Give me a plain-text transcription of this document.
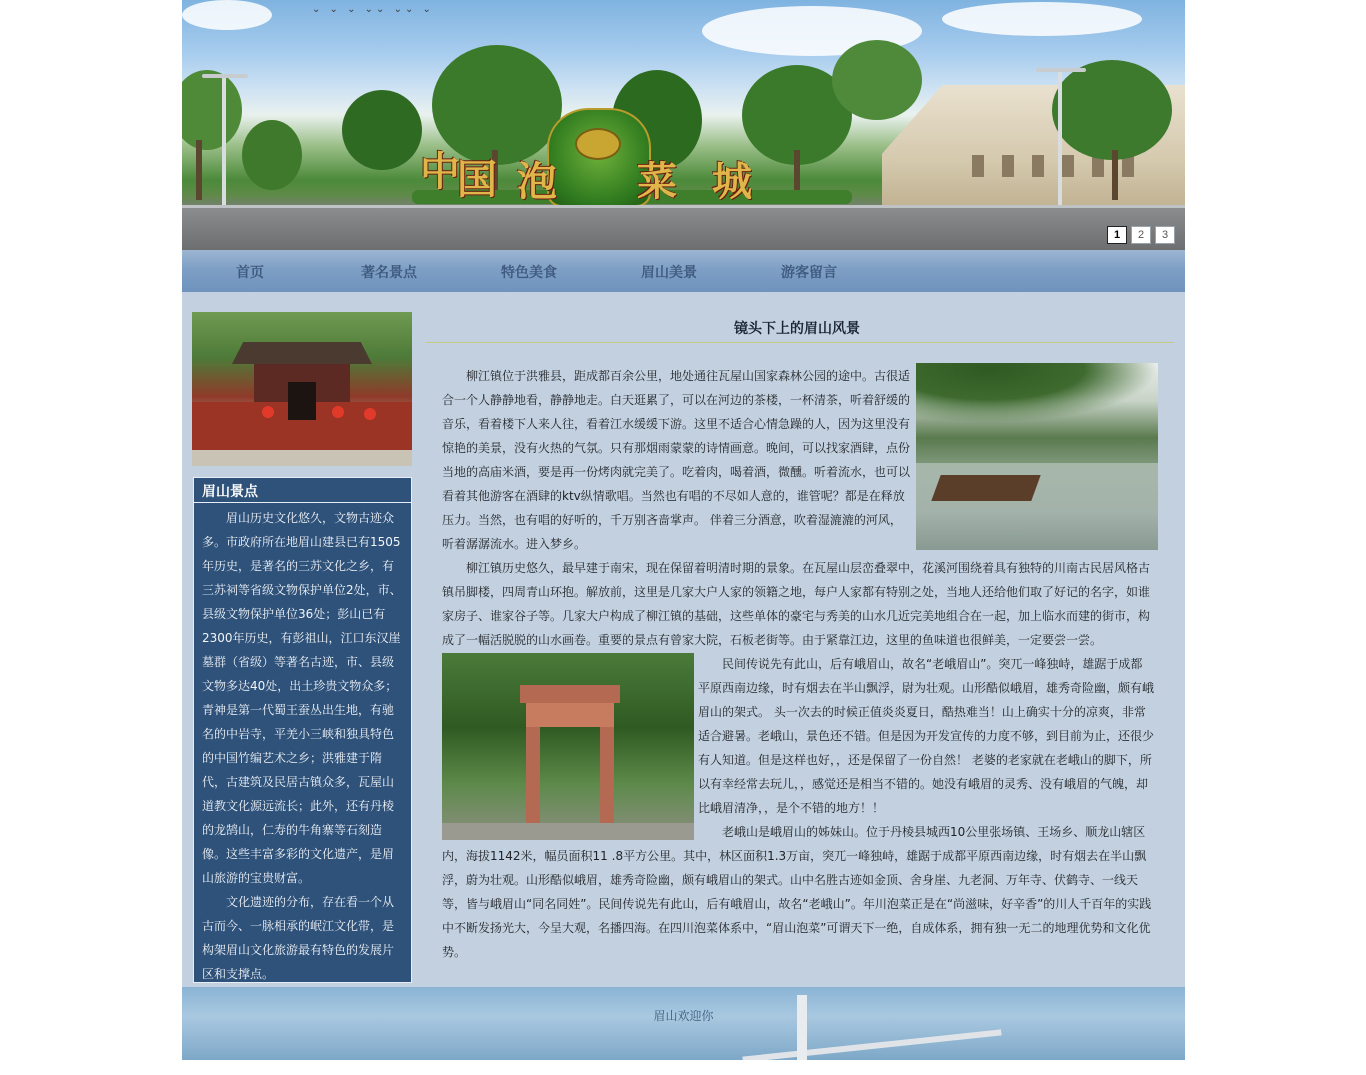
⌄ ⌄ ⌄ ⌄⌄ ⌄⌄ ⌄
中
国 泡 菜 城
1	2	3
首页	著名景点	特色美食	眉山美景	游客留言
眉山景点

眉山历史文化悠久，文物古迹众多。市政府所在地眉山建县已有1505年历史，是著名的三苏文化之乡，有三苏祠等省级文物保护单位2处，市、县级文物保护单位36处；彭山已有2300年历史，有彭祖山，江口东汉崖墓群（省级）等著名古迹，市、县级文物多达40处，出土珍贵文物众多；青神是第一代蜀王蚕丛出生地，有驰名的中岩寺，平羌小三峡和独具特色的中国竹编艺术之乡；洪雅建于隋代，古建筑及民居古镇众多，瓦屋山道教文化源远流长；此外，还有丹棱的龙鹄山，仁寿的牛角寨等石刻造像。这些丰富多彩的文化遗产，是眉山旅游的宝贵财富。

文化遗迹的分布，存在看一个从古而今、一脉相承的岷江文化带，是构架眉山文化旅游最有特色的发展片区和支撑点。

镜头下上的眉山风景

柳江镇位于洪雅县，距成都百余公里，地处通往瓦屋山国家森林公园的途中。古很适合一个人静静地看，静静地走。白天逛累了，可以在河边的茶楼，一杯清茶，听着舒缓的音乐，看着楼下人来人往，看着江水缓缓下游。这里不适合心情急躁的人，因为这里没有惊艳的美景，没有火热的气氛。只有那烟雨蒙蒙的诗情画意。晚间，可以找家酒肆，点份当地的高庙米酒，要是再一份烤肉就完美了。吃着肉，喝着酒，微醺。听着流水，也可以看着其他游客在酒肆的ktv纵情歌唱。当然也有唱的不尽如人意的，谁管呢？都是在释放压力。当然，也有唱的好听的，千万别吝啬掌声。 伴着三分酒意，吹着湿漉漉的河风，听着潺潺流水。进入梦乡。

柳江镇历史悠久，最早建于南宋，现在保留着明清时期的景象。在瓦屋山层峦叠翠中，花溪河围绕着具有独特的川南古民居风格古镇吊脚楼，四周青山环抱。解放前，这里是几家大户人家的领籍之地，每户人家都有特别之处，当地人还给他们取了好记的名字，如谁家房子、谁家谷子等。几家大户构成了柳江镇的基础，这些单体的豪宅与秀美的山水几近完美地组合在一起，加上临水而建的街市，构成了一幅活脱脱的山水画卷。重要的景点有曾家大院，石板老街等。由于紧靠江边，这里的鱼味道也很鲜美，一定要尝一尝。

民间传说先有此山，后有峨眉山，故名“老峨眉山”。突兀一峰独峙，雄踞于成都平原西南边缘，时有烟去在半山飘浮，尉为壮观。山形酷似峨眉，雄秀奇险幽，颇有峨眉山的架式。 头一次去的时候正值炎炎夏日，酷热难当！山上确实十分的凉爽，非常适合避暑。老峨山，景色还不错。但是因为开发宣传的力度不够，到目前为止，还很少有人知道。但是这样也好，，还是保留了一份自然！ 老婆的老家就在老峨山的脚下，所以有幸经常去玩儿，，感觉还是相当不错的。她没有峨眉的灵秀、没有峨眉的气魄，却比峨眉清净，，是个不错的地方！！

老峨山是峨眉山的姊妹山。位于丹棱县城西10公里张场镇、王场乡、顺龙山辖区内，海拔1142米，幅员面积11 .8平方公里。其中，林区面积1.3万亩，突兀一峰独峙，雄踞于成都平原西南边缘，时有烟去在半山飘浮，蔚为壮观。山形酷似峨眉，雄秀奇险幽，颇有峨眉山的架式。山中名胜古迹如金顶、舍身崖、九老洞、万年寺、伏鹤寺、一线天等，皆与峨眉山“同名同姓”。民间传说先有此山，后有峨眉山，故名“老峨山”。年川泡菜正是在“尚滋味，好辛香”的川人千百年的实践中不断发扬光大，今呈大观，名播四海。在四川泡菜体系中，“眉山泡菜”可谓天下一绝，自成体系，拥有独一无二的地理优势和文化优势。

眉山欢迎你
